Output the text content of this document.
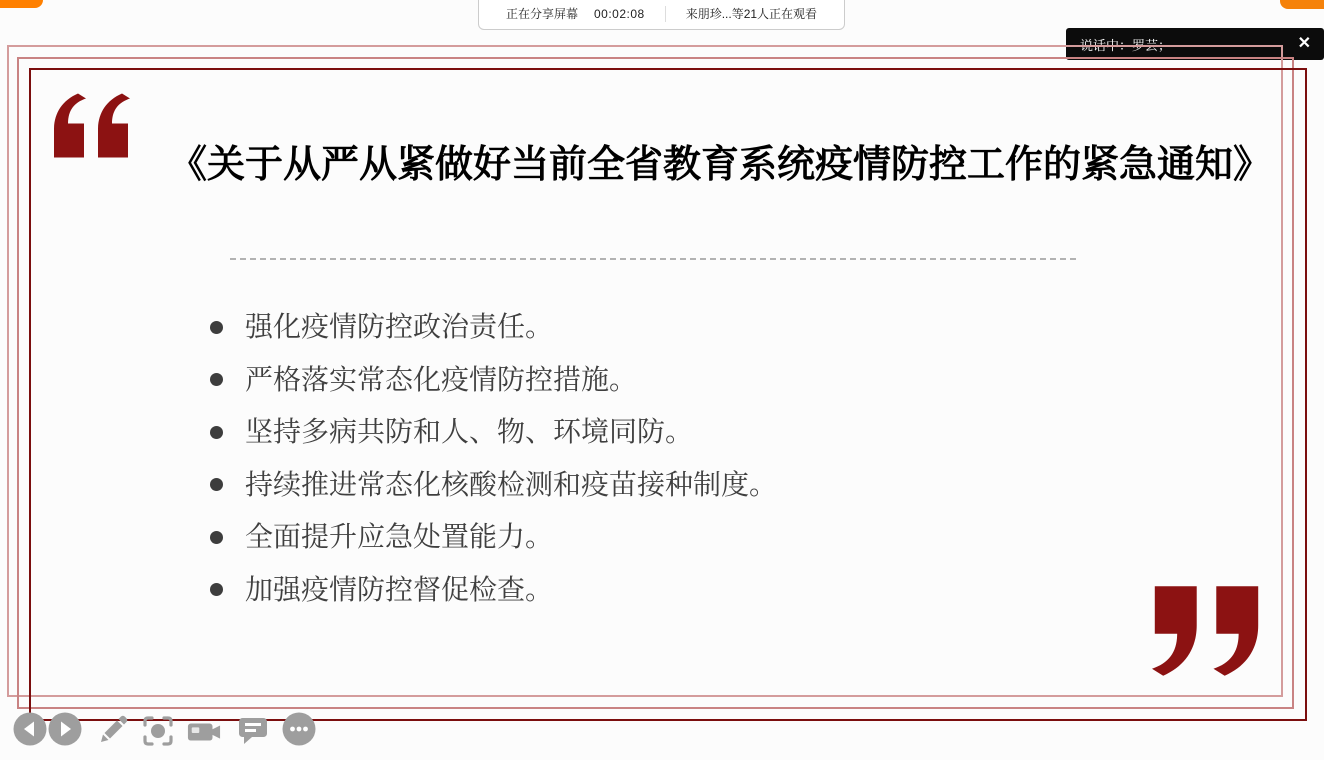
正在分享屏幕 00:02:08	来朋珍...等21人正在观看
说话中：罗芸；	✕
《关于从严从紧做好当前全省教育系统疫情防控工作的紧急通知》
强化疫情防控政治责任。
严格落实常态化疫情防控措施。
坚持多病共防和人、物、环境同防。
持续推进常态化核酸检测和疫苗接种制度。
全面提升应急处置能力。
加强疫情防控督促检查。
